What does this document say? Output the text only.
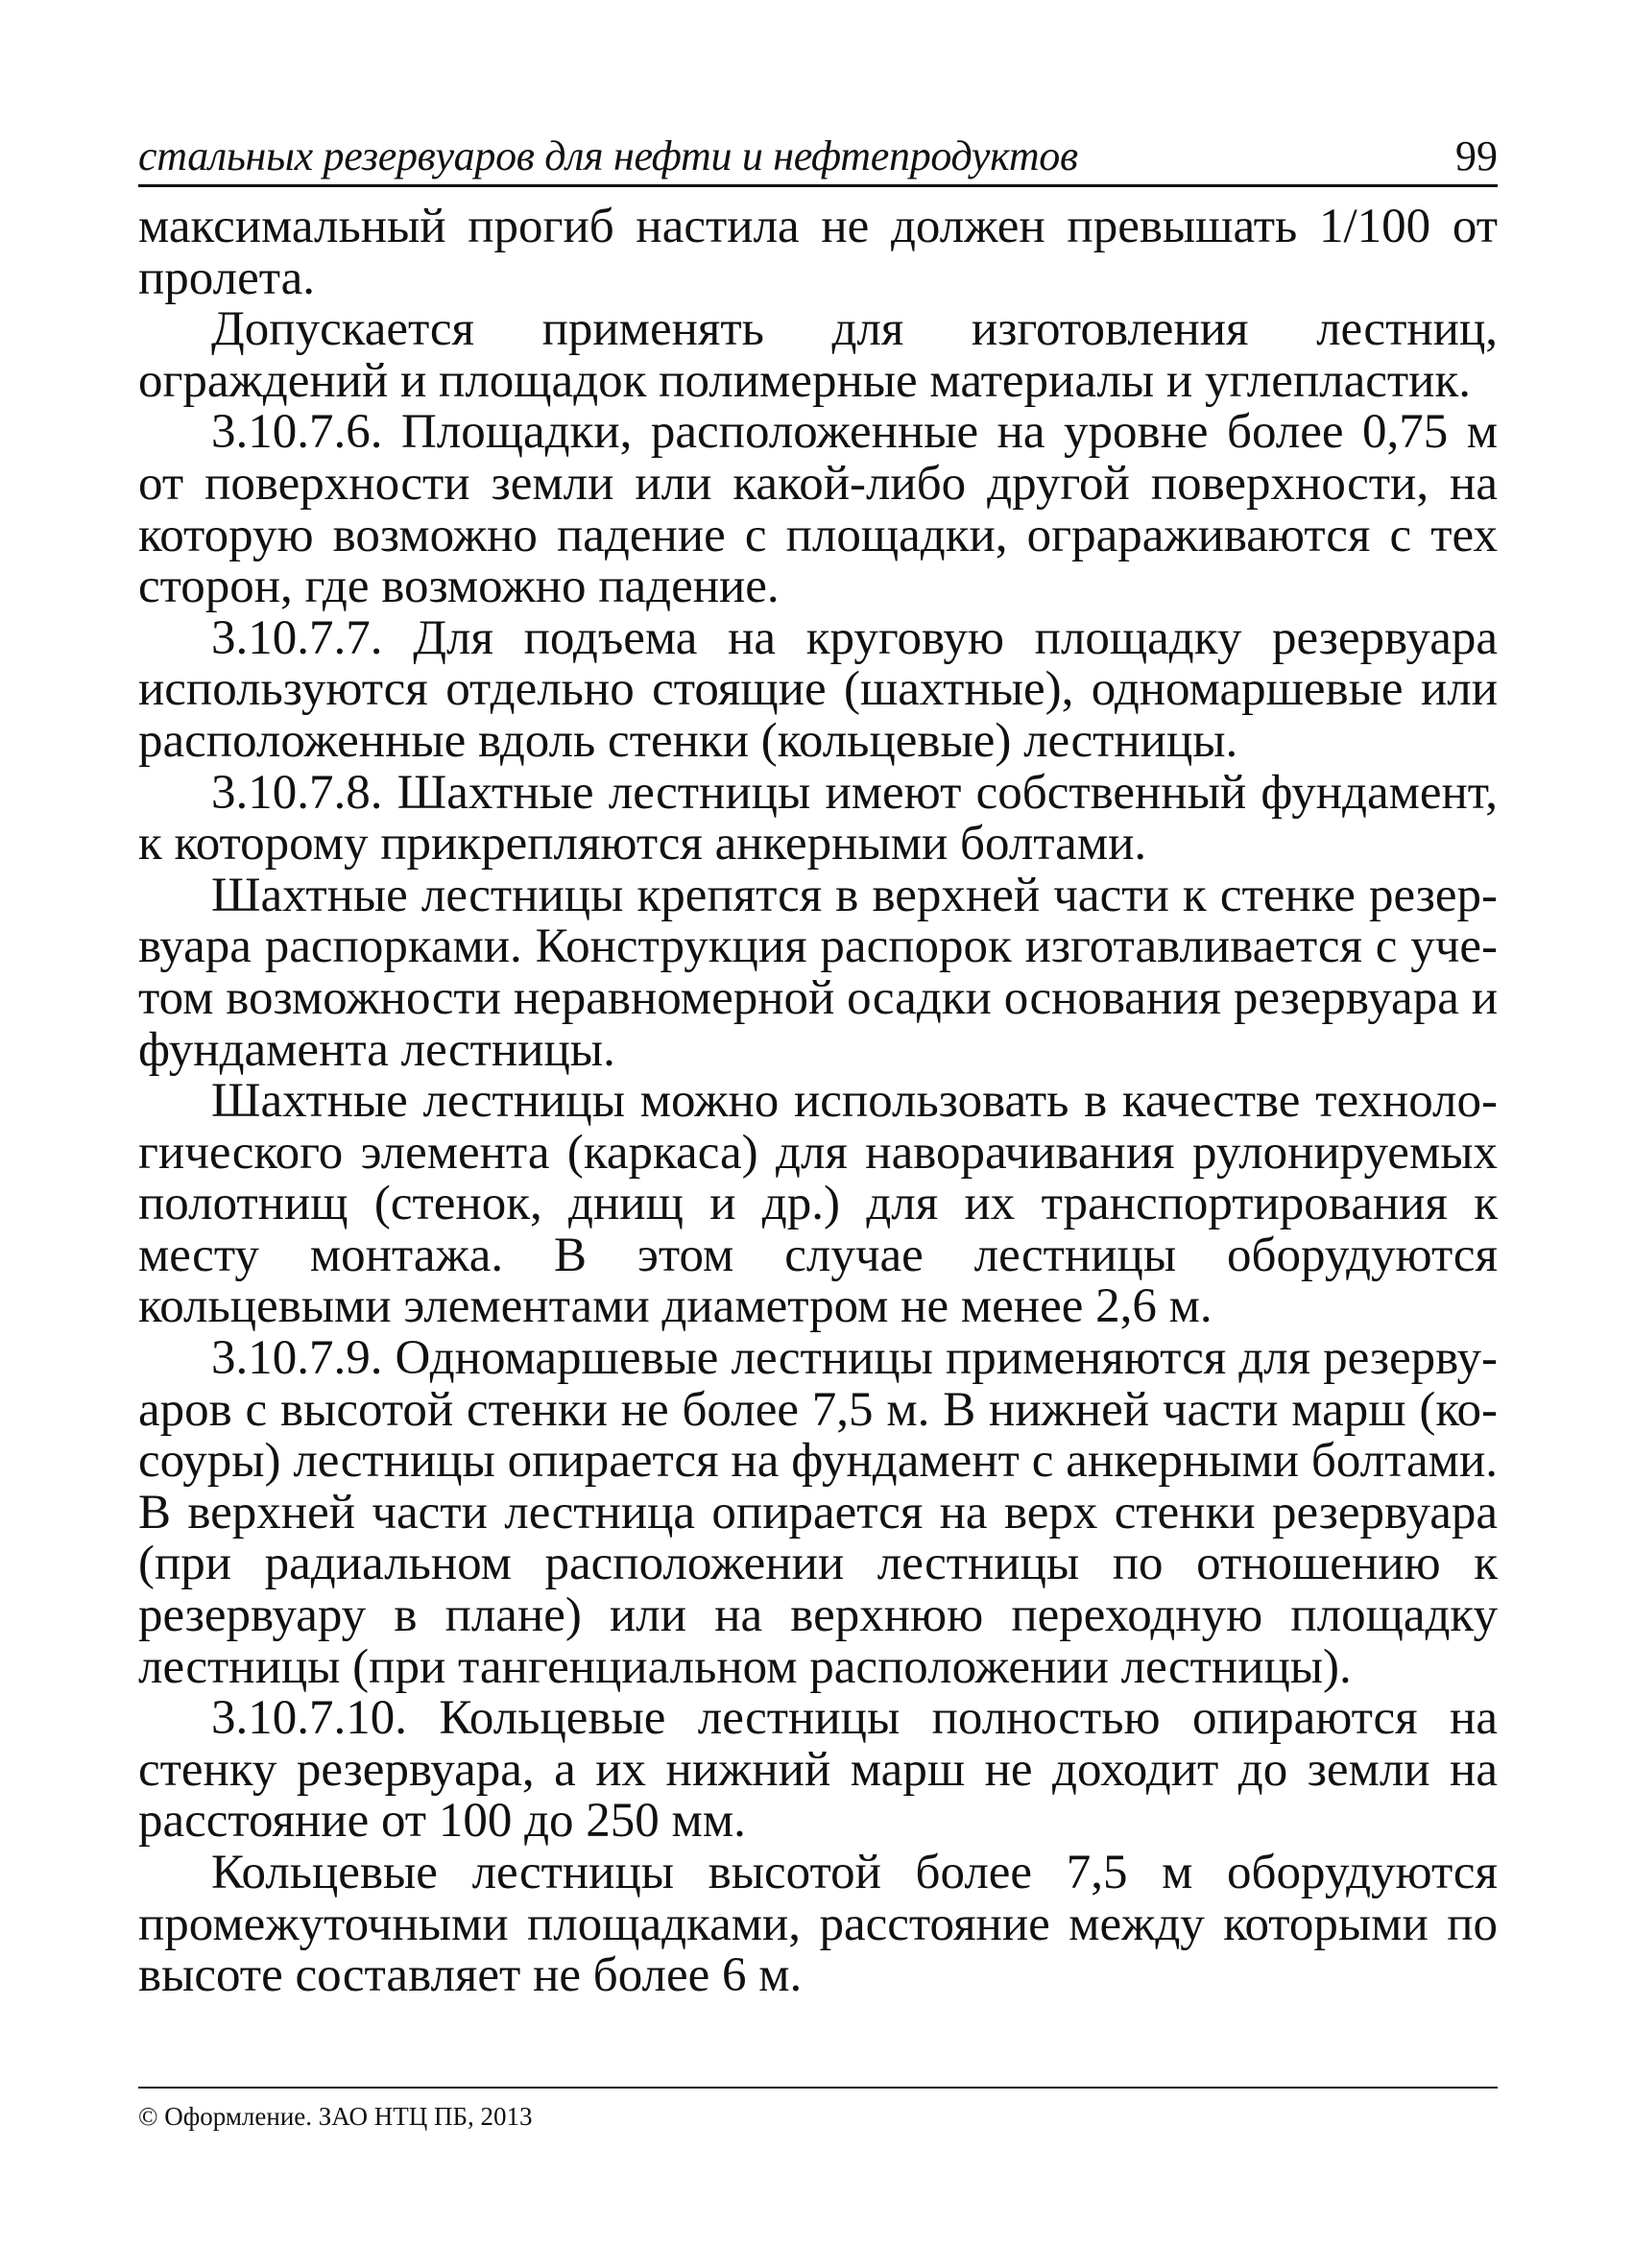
стальных резервуаров для нефти и нефтепродуктов	99

максимальный прогиб настила не должен превышать 1/100 от пролета.

Допускается применять для изготовления лестниц, ограждений и площадок полимерные материалы и углепластик.

3.10.7.6. Площадки, расположенные на уровне более 0,75 м от поверхности земли или какой-либо другой поверхности, на которую возможно падение с площадки, ограраживаются с тех сторон, где возможно падение.

3.10.7.7. Для подъема на круговую площадку резервуара используются отдельно стоящие (шахтные), одномаршевые или расположенные вдоль стенки (кольцевые) лестницы.

3.10.7.8. Шахтные лестницы имеют собственный фундамент, к которому прикрепляются анкерными болтами.

Шахтные лестницы крепятся в верхней части к стенке резервуара распорками. Конструкция распорок изготавливается с учетом возможности неравномерной осадки основания резервуара и фундамента лестницы.

Шахтные лестницы можно использовать в качестве технологического элемента (каркаса) для наворачивания рулонируемых полотнищ (стенок, днищ и др.) для их транспортирования к месту монтажа. В этом случае лестницы оборудуются кольцевыми элементами диаметром не менее 2,6 м.

3.10.7.9. Одномаршевые лестницы применяются для резервуаров с высотой стенки не более 7,5 м. В нижней части марш (косоуры) лестницы опирается на фундамент с анкерными болтами. В верхней части лестница опирается на верх стенки резервуара (при радиальном расположении лестницы по отношению к резервуару в плане) или на верхнюю переходную площадку лестницы (при тангенциальном расположении лестницы).

3.10.7.10. Кольцевые лестницы полностью опираются на стенку резервуара, а их нижний марш не доходит до земли на расстояние от 100 до 250 мм.

Кольцевые лестницы высотой более 7,5 м оборудуются промежуточными площадками, расстояние между которыми по высоте составляет не более 6 м.

© Оформление. ЗАО НТЦ ПБ, 2013
